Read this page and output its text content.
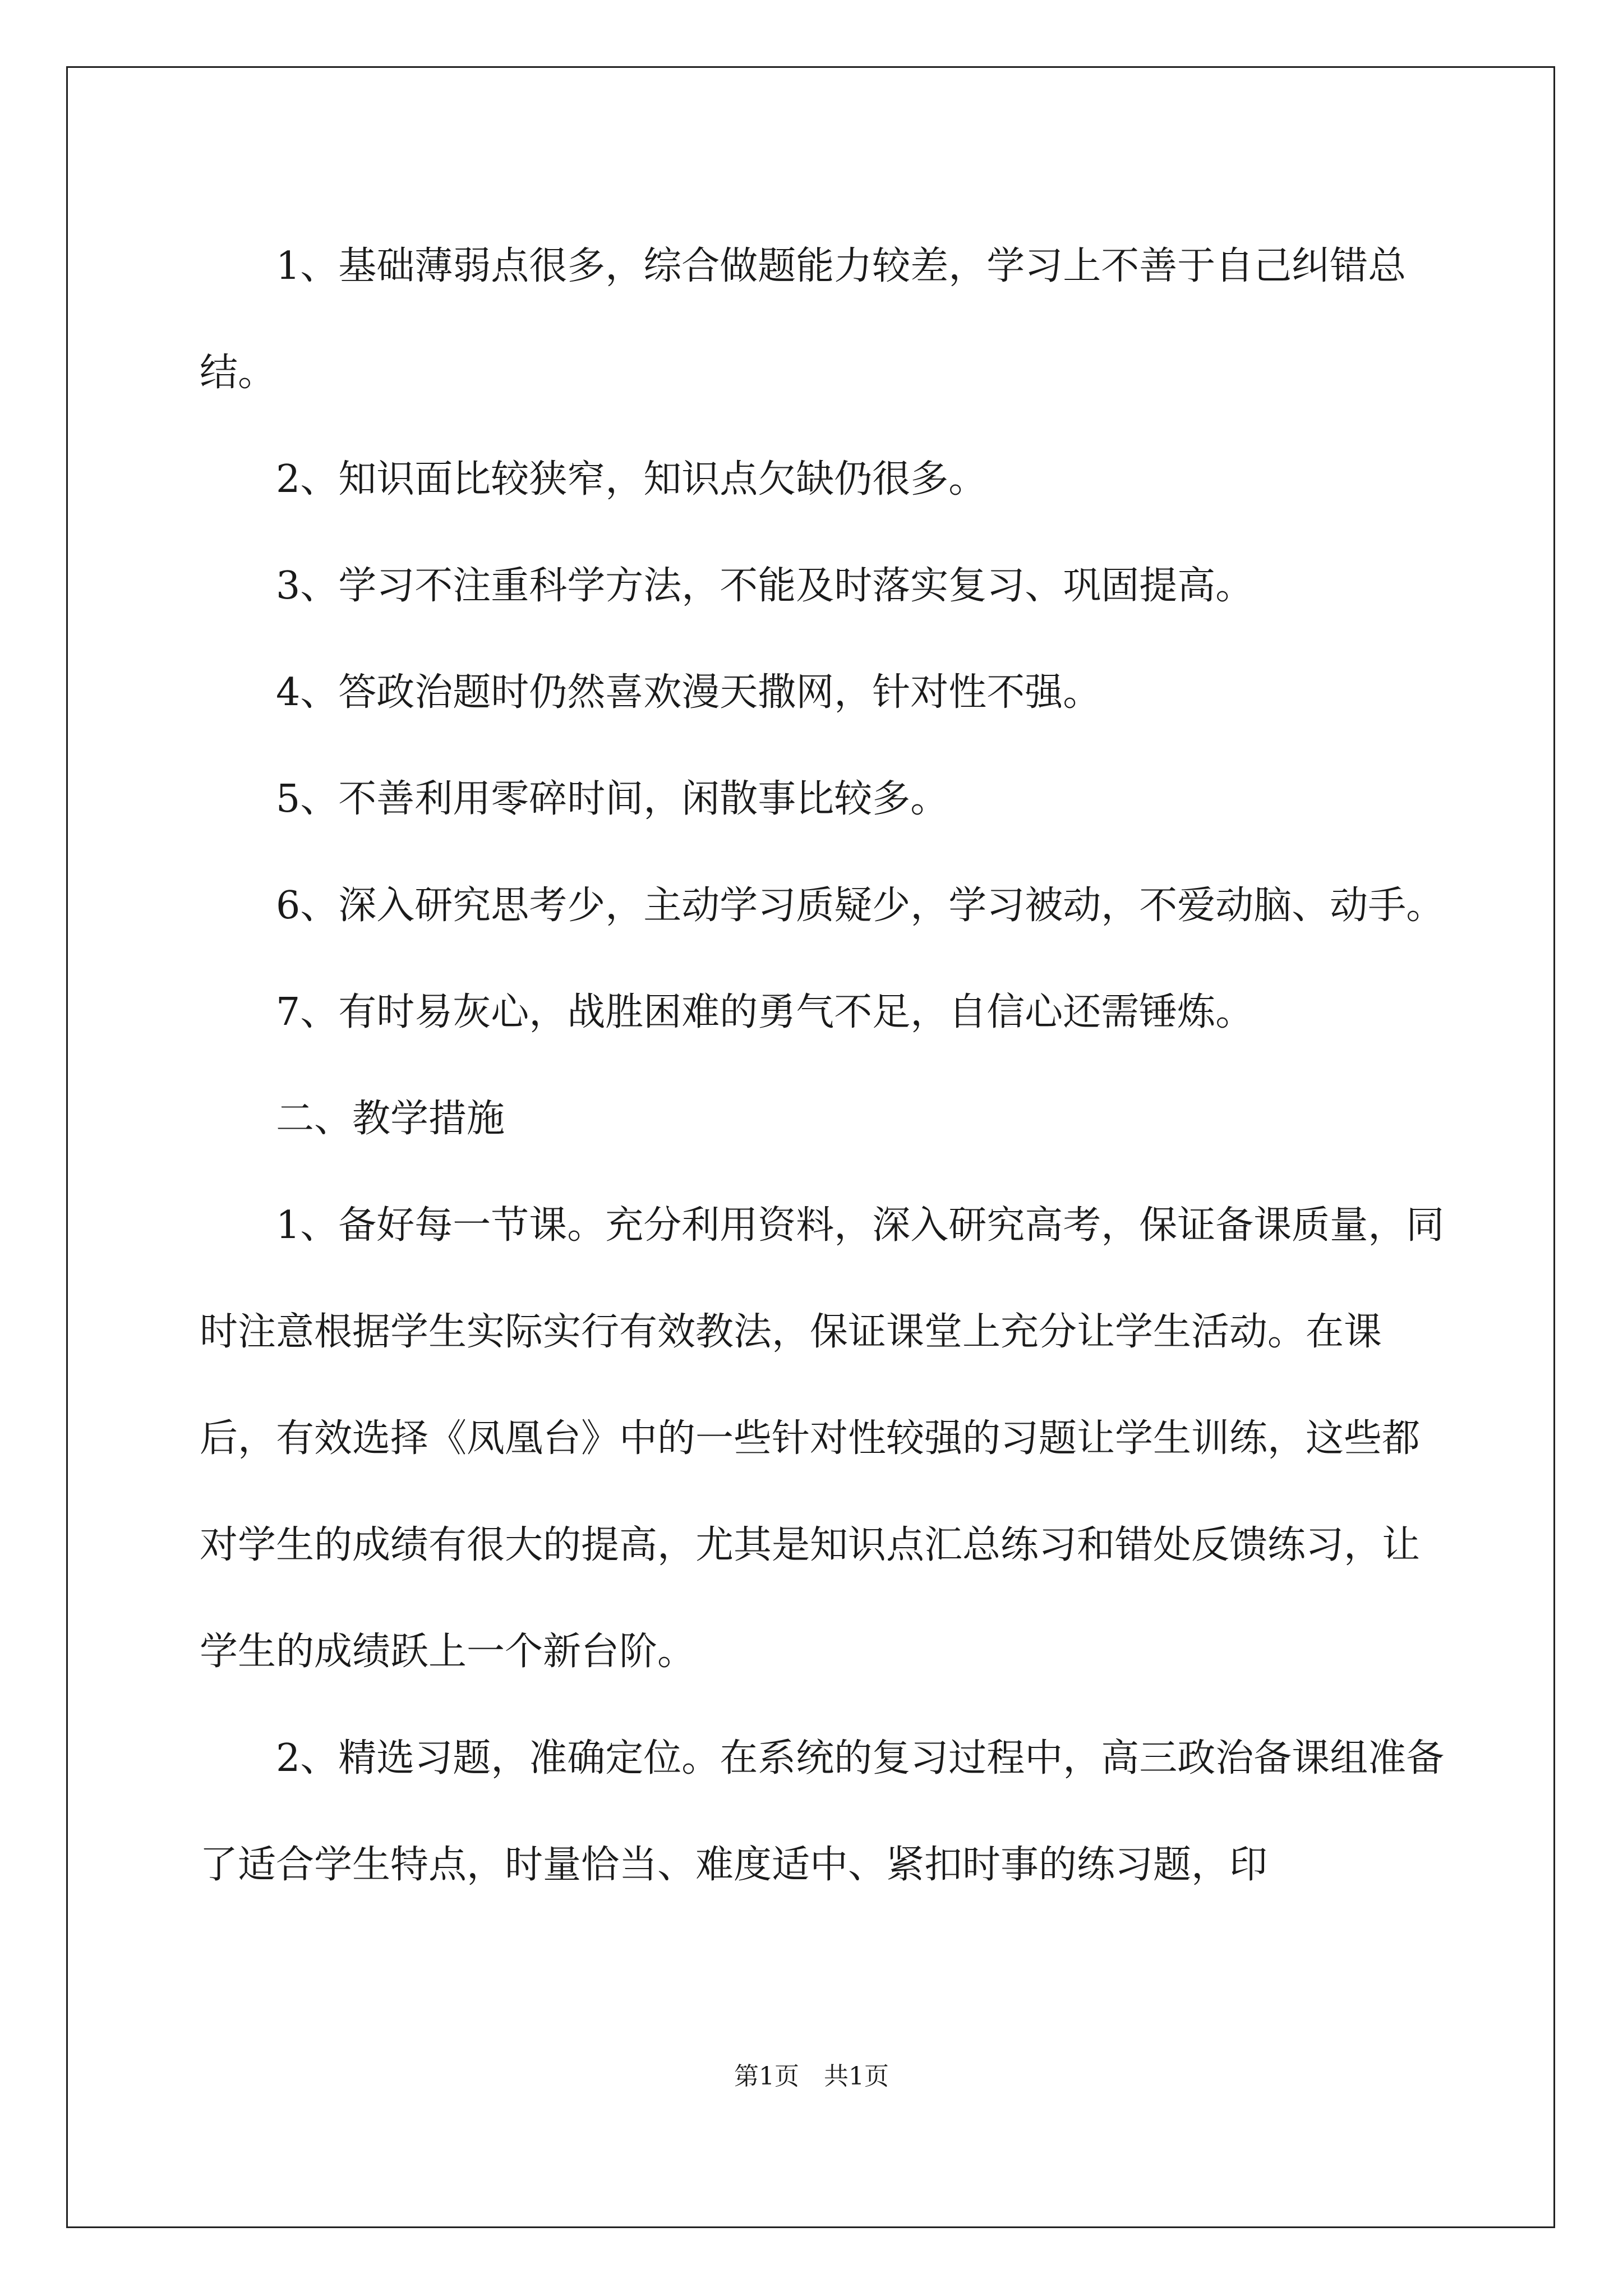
　　1、基础薄弱点很多，综合做题能力较差，学习上不善于自己纠错总结。

　　2、知识面比较狭窄，知识点欠缺仍很多。

　　3、学习不注重科学方法，不能及时落实复习、巩固提高。

　　4、答政治题时仍然喜欢漫天撒网，针对性不强。

　　5、不善利用零碎时间，闲散事比较多。

　　6、深入研究思考少，主动学习质疑少，学习被动，不爱动脑、动手。

　　7、有时易灰心，战胜困难的勇气不足，自信心还需锤炼。

　　二、教学措施

　　1、备好每一节课。充分利用资料，深入研究高考，保证备课质量，同时注意根据学生实际实行有效教法，保证课堂上充分让学生活动。在课后，有效选择《凤凰台》中的一些针对性较强的习题让学生训练，这些都对学生的成绩有很大的提高，尤其是知识点汇总练习和错处反馈练习，让学生的成绩跃上一个新台阶。

　　2、精选习题，准确定位。在系统的复习过程中，高三政治备课组准备了适合学生特点，时量恰当、难度适中、紧扣时事的练习题，印

第1页　共1页
